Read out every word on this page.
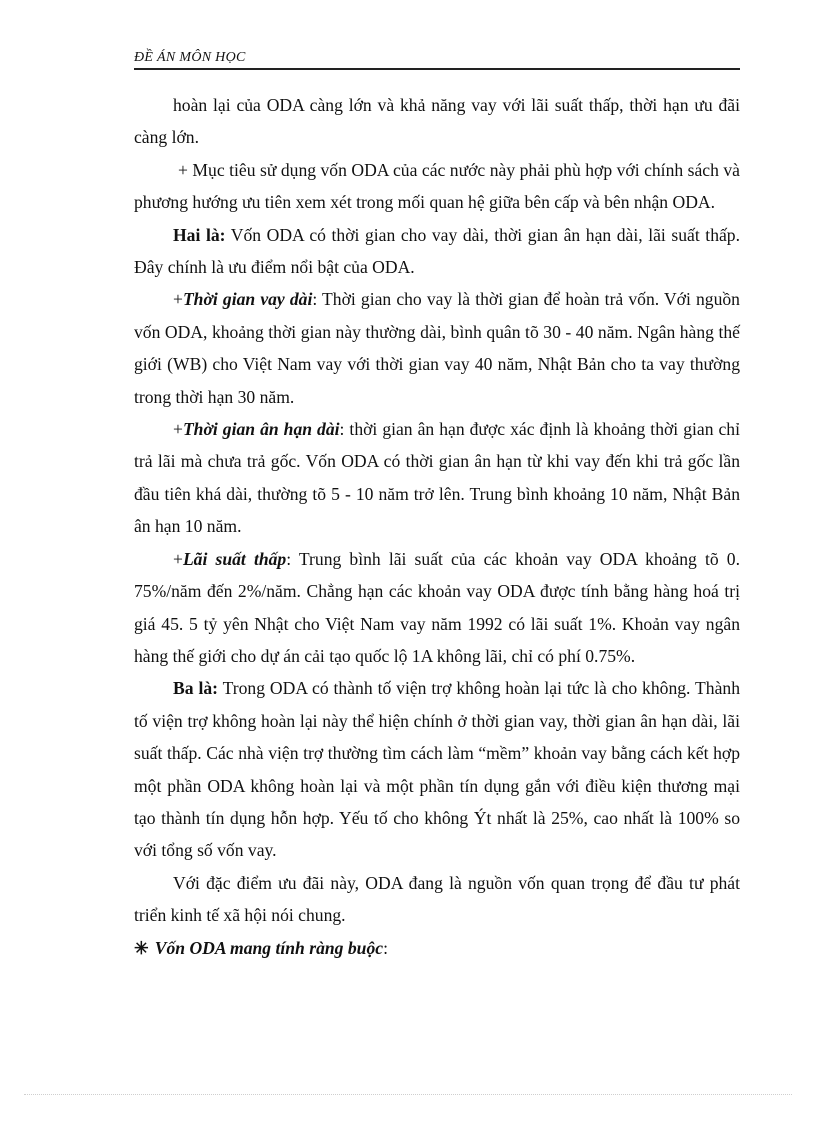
ĐỀ ÁN MÔN HỌC

hoàn lại của ODA càng lớn và khả năng vay với lãi suất thấp, thời hạn ưu đãi càng lớn.

+ Mục tiêu sử dụng vốn ODA của các nước này phải phù hợp với chính sách và phương hướng ưu tiên xem xét trong mối quan hệ giữa bên cấp và bên nhận ODA.

Hai là: Vốn ODA có thời gian cho vay dài, thời gian ân hạn dài, lãi suất thấp. Đây chính là ưu điểm nổi bật của ODA.

+Thời gian vay dài: Thời gian cho vay là thời gian để hoàn trả vốn. Với nguồn vốn ODA, khoảng thời gian này thường dài, bình quân tõ 30 - 40 năm. Ngân hàng thế giới (WB) cho Việt Nam vay với thời gian vay 40 năm, Nhật Bản cho ta vay thường trong thời hạn 30 năm.

+Thời gian ân hạn dài: thời gian ân hạn được xác định là khoảng thời gian chỉ trả lãi mà chưa trả gốc. Vốn ODA có thời gian ân hạn từ khi vay đến khi trả gốc lần đầu tiên khá dài, thường tõ 5 - 10 năm trở lên. Trung bình khoảng 10 năm, Nhật Bản ân hạn 10 năm.

+Lãi suất thấp: Trung bình lãi suất của các khoản vay ODA khoảng tõ 0. 75%/năm đến 2%/năm. Chẳng hạn các khoản vay ODA được tính bằng hàng hoá trị giá 45. 5 tỷ yên Nhật cho Việt Nam vay năm 1992 có lãi suất 1%. Khoản vay ngân hàng thế giới cho dự án cải tạo quốc lộ 1A không lãi, chỉ có phí 0.75%.

Ba là: Trong ODA có thành tố viện trợ không hoàn lại tức là cho không. Thành tố viện trợ không hoàn lại này thể hiện chính ở thời gian vay, thời gian ân hạn dài, lãi suất thấp. Các nhà viện trợ thường tìm cách làm “mềm” khoản vay bằng cách kết hợp một phần ODA không hoàn lại và một phần tín dụng gắn với điều kiện thương mại tạo thành tín dụng hỗn hợp. Yếu tố cho không Ýt nhất là 25%, cao nhất là 100% so với tổng số vốn vay.

Với đặc điểm ưu đãi này, ODA đang là nguồn vốn quan trọng để đầu tư phát triển kinh tế xã hội nói chung.

✳ Vốn ODA mang tính ràng buộc:
